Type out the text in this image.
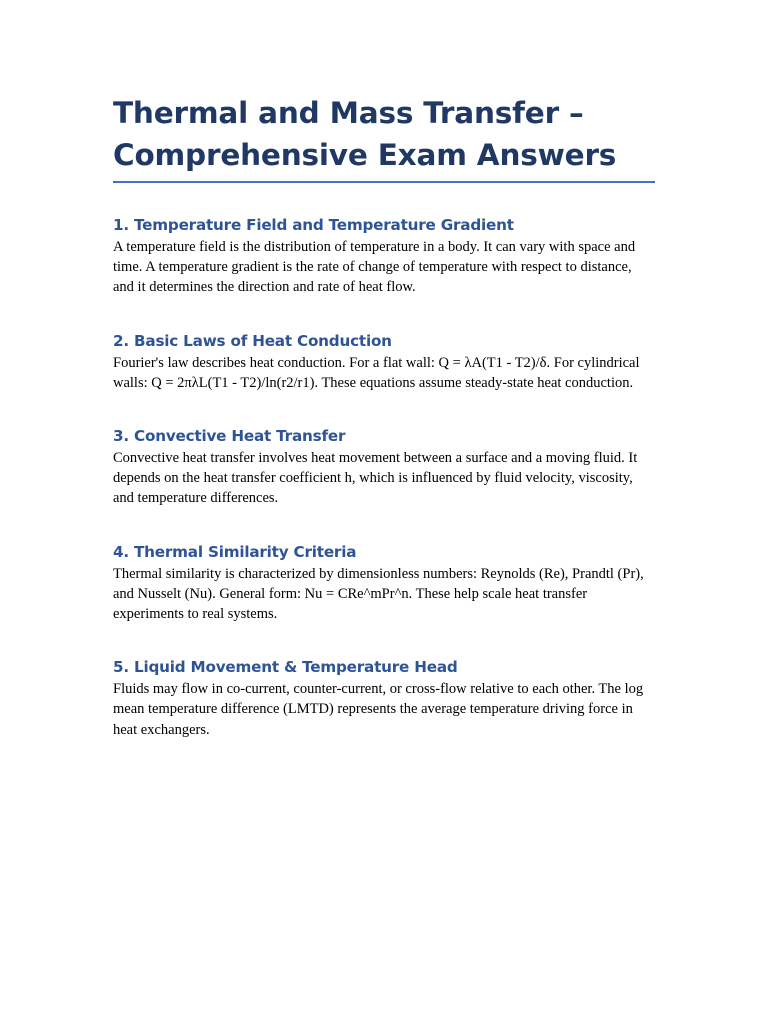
Thermal and Mass Transfer –
Comprehensive Exam Answers
1. Temperature Field and Temperature Gradient

A temperature field is the distribution of temperature in a body. It can vary with space and time. A temperature gradient is the rate of change of temperature with respect to distance, and it determines the direction and rate of heat flow.

2. Basic Laws of Heat Conduction

Fourier's law describes heat conduction. For a flat wall: Q = λA(T1 - T2)/δ. For cylindrical walls: Q = 2πλL(T1 - T2)/ln(r2/r1). These equations assume steady-state heat conduction.

3. Convective Heat Transfer

Convective heat transfer involves heat movement between a surface and a moving fluid. It depends on the heat transfer coefficient h, which is influenced by fluid velocity, viscosity, and temperature differences.

4. Thermal Similarity Criteria

Thermal similarity is characterized by dimensionless numbers: Reynolds (Re), Prandtl (Pr), and Nusselt (Nu). General form: Nu = CRe^mPr^n. These help scale heat transfer experiments to real systems.

5. Liquid Movement & Temperature Head

Fluids may flow in co-current, counter-current, or cross-flow relative to each other. The log mean temperature difference (LMTD) represents the average temperature driving force in heat exchangers.
